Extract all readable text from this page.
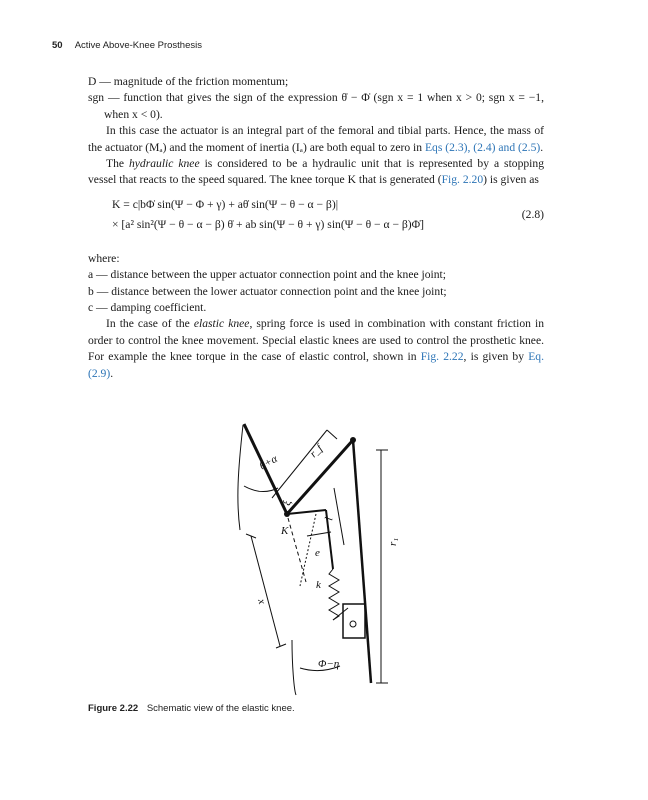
50 Active Above-Knee Prosthesis

D — magnitude of the friction momentum;

sgn — function that gives the sign of the expression θ̇ − Φ̇ (sgn x = 1 when x > 0; sgn x = −1, when x < 0).

In this case the actuator is an integral part of the femoral and tibial parts. Hence, the mass of the actuator (Mₐ) and the moment of inertia (Iₐ) are both equal to zero in Eqs (2.3), (2.4) and (2.5).

The hydraulic knee is considered to be a hydraulic unit that is represented by a stopping vessel that reacts to the speed squared. The knee torque K that is generated (Fig. 2.20) is given as

K = c|bΦ̇ sin(Ψ − Φ + γ) + aθ̇ sin(Ψ − θ − α − β)|
× [a² sin²(Ψ − θ − α − β) θ̇ + ab sin(Ψ − θ + γ) sin(Ψ − θ − α − β)Φ̇]
(2.8)

where:

a — distance between the upper actuator connection point and the knee joint;

b — distance between the lower actuator connection point and the knee joint;

c — damping coefficient.

In the case of the elastic knee, spring force is used in combination with constant friction in order to control the knee movement. Special elastic knees are used to control the prosthetic knee. For example the knee torque in the case of elastic control, shown in Fig. 2.22, is given by Eq. (2.9).

θ+α
r_f
ξ
l
K
e
k
x
r₁
Φ−η
Figure 2.22 Schematic view of the elastic knee.
